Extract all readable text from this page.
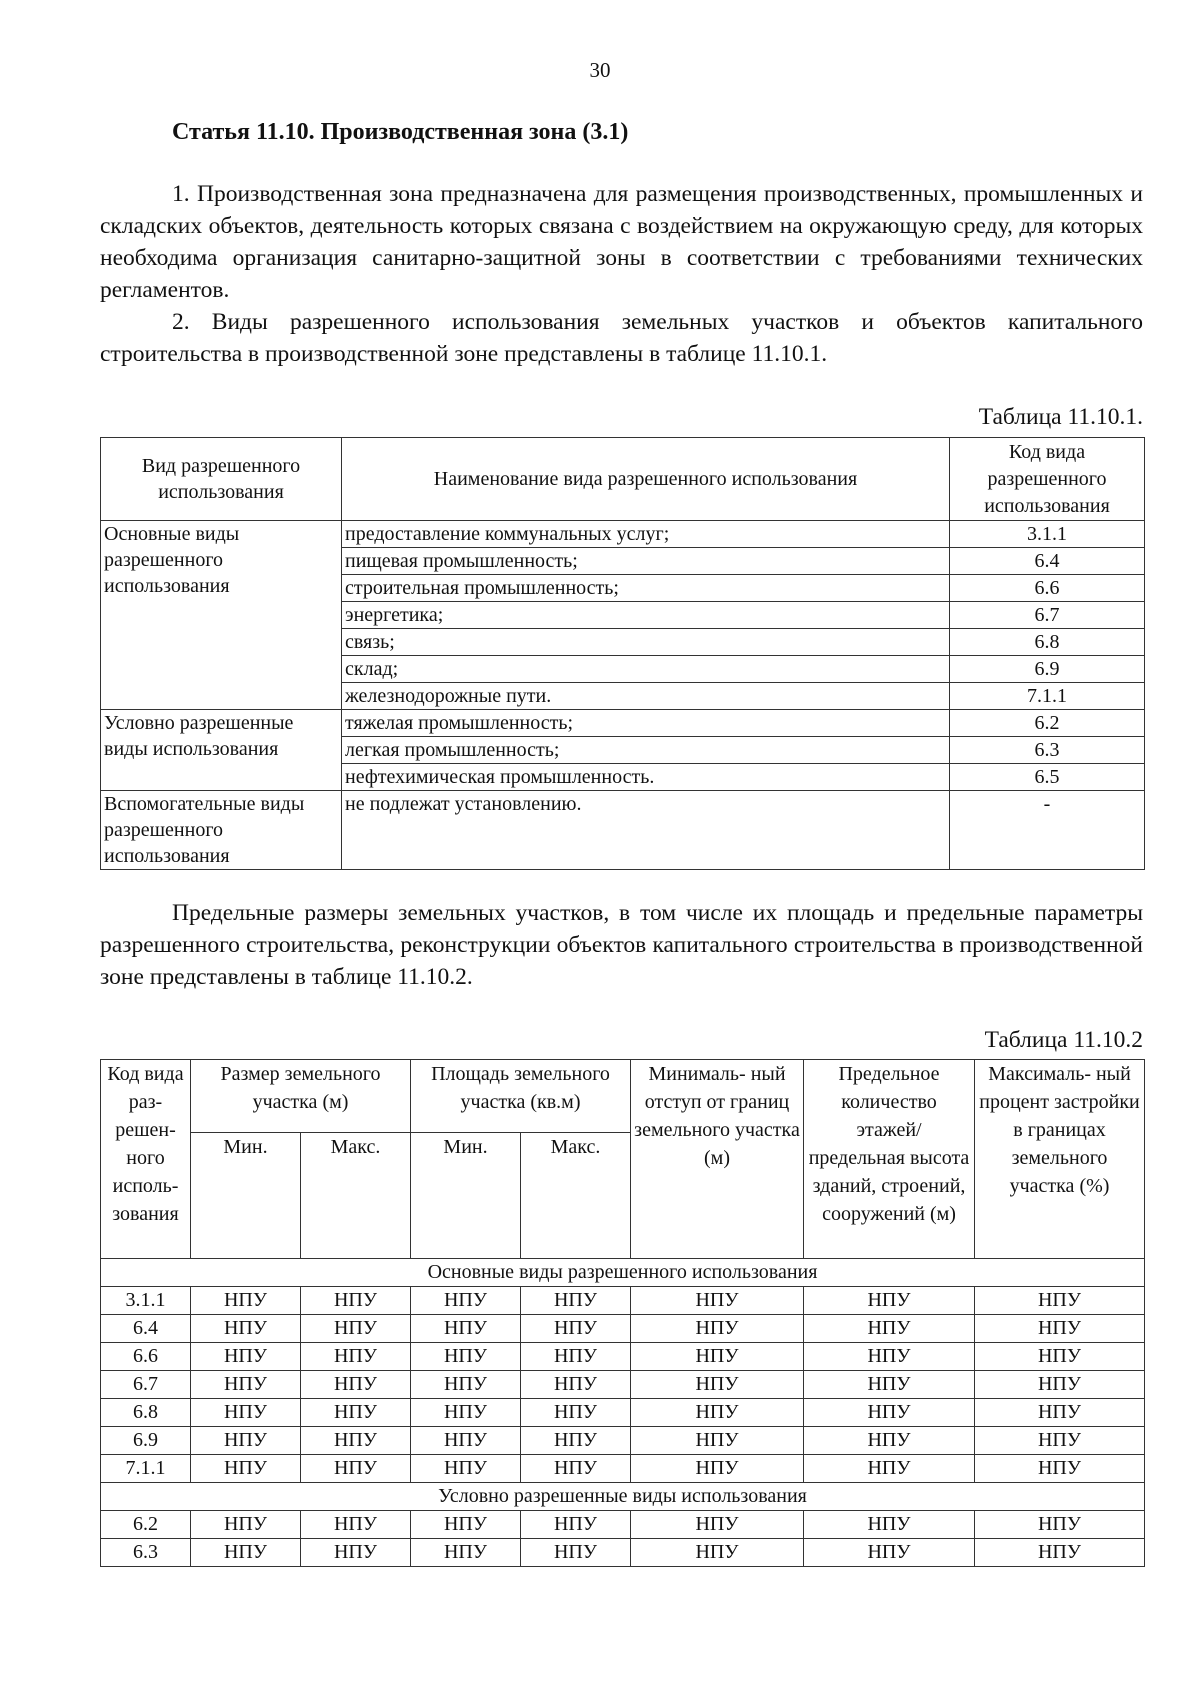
30
Статья 11.10. Производственная зона (3.1)
1. Производственная зона предназначена для размещения производственных, промышленных и складских объектов, деятельность которых связана с воздействием на окружающую среду, для которых необходима организация санитарно-защитной зоны в соответствии с требованиями технических регламентов.
2. Виды разрешенного использования земельных участков и объектов капитального строительства в производственной зоне представлены в таблице 11.10.1.
Таблица 11.10.1.
Вид разрешенного использования	Наименование вида разрешенного использования	Код вида разрешенного использования
Основные виды разрешенного использования	предоставление коммунальных услуг;	3.1.1
	пищевая промышленность;	6.4
	строительная промышленность;	6.6
	энергетика;	6.7
	связь;	6.8
	склад;	6.9
	железнодорожные пути.	7.1.1
Условно разрешенные виды использования	тяжелая промышленность;	6.2
	легкая промышленность;	6.3
	нефтехимическая промышленность.	6.5
Вспомогательные виды разрешенного использования	не подлежат установлению.	-
Предельные размеры земельных участков, в том числе их площадь и предельные параметры разрешенного строительства, реконструкции объектов капитального строительства в производственной зоне представлены в таблице 11.10.2.
Таблица 11.10.2
Код вида раз- решен- ного исполь- зования	Размер земельного участка (м)		Площадь земельного участка (кв.м)		Минималь- ный отступ от границ земельного участка (м)	Предельное количество этажей/ предельная высота зданий, строений, сооружений (м)	Максималь- ный процент застройки в границах земельного участка (%)
	Мин.	Макс.	Мин.	Макс.			
Основные виды разрешенного использования							
3.1.1	НПУ	НПУ	НПУ	НПУ	НПУ	НПУ	НПУ
6.4	НПУ	НПУ	НПУ	НПУ	НПУ	НПУ	НПУ
6.6	НПУ	НПУ	НПУ	НПУ	НПУ	НПУ	НПУ
6.7	НПУ	НПУ	НПУ	НПУ	НПУ	НПУ	НПУ
6.8	НПУ	НПУ	НПУ	НПУ	НПУ	НПУ	НПУ
6.9	НПУ	НПУ	НПУ	НПУ	НПУ	НПУ	НПУ
7.1.1	НПУ	НПУ	НПУ	НПУ	НПУ	НПУ	НПУ
Условно разрешенные виды использования							
6.2	НПУ	НПУ	НПУ	НПУ	НПУ	НПУ	НПУ
6.3	НПУ	НПУ	НПУ	НПУ	НПУ	НПУ	НПУ
